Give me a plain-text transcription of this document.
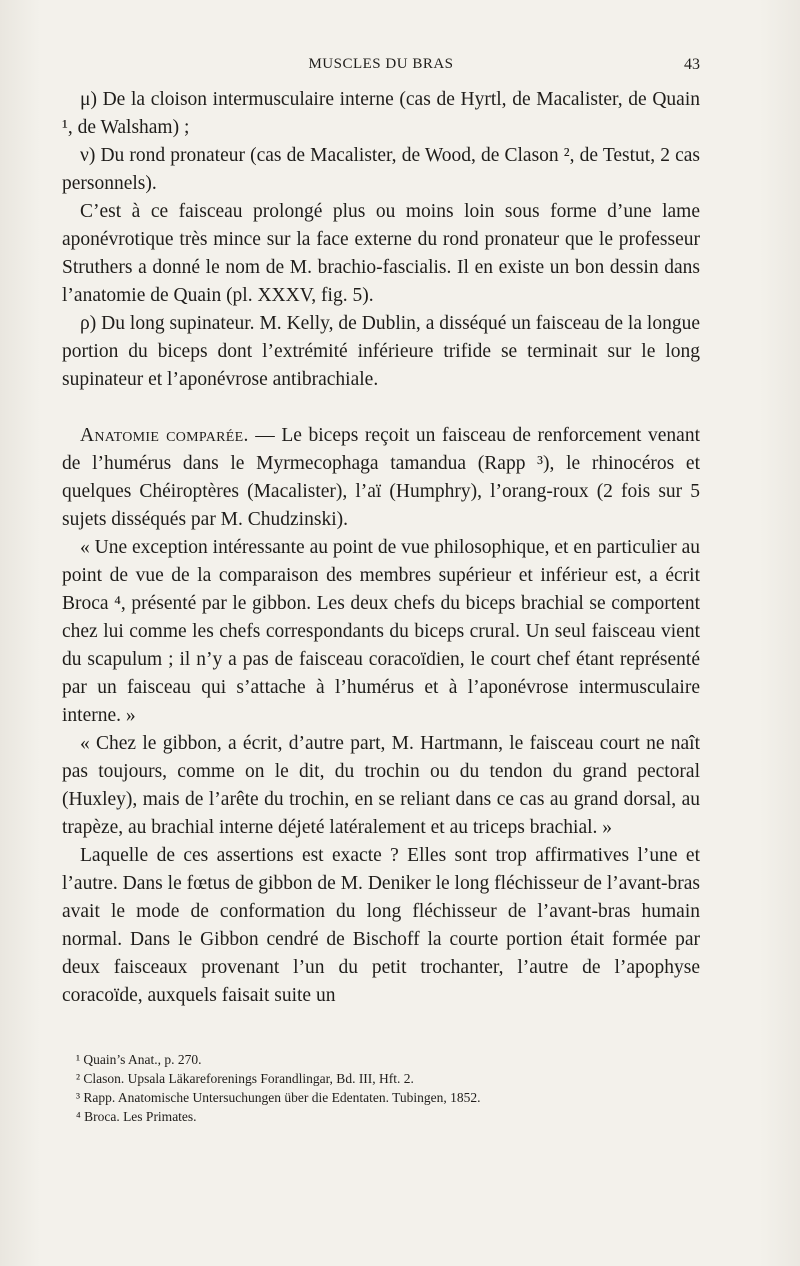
MUSCLES DU BRAS	43

μ) De la cloison intermusculaire interne (cas de Hyrtl, de Macalister, de Quain ¹, de Walsham) ;

ν) Du rond pronateur (cas de Macalister, de Wood, de Clason ², de Testut, 2 cas personnels).

C’est à ce faisceau prolongé plus ou moins loin sous forme d’une lame aponévrotique très mince sur la face externe du rond pronateur que le professeur Struthers a donné le nom de M. brachio-fascialis. Il en existe un bon dessin dans l’anatomie de Quain (pl. XXXV, fig. 5).

ρ) Du long supinateur. M. Kelly, de Dublin, a disséqué un faisceau de la longue portion du biceps dont l’extrémité inférieure trifide se terminait sur le long supinateur et l’aponévrose antibrachiale.

Anatomie comparée. — Le biceps reçoit un faisceau de renforcement venant de l’humérus dans le Myrmecophaga tamandua (Rapp ³), le rhinocéros et quelques Chéiroptères (Macalister), l’aï (Humphry), l’orang-roux (2 fois sur 5 sujets disséqués par M. Chudzinski).

« Une exception intéressante au point de vue philosophique, et en particulier au point de vue de la comparaison des membres supérieur et inférieur est, a écrit Broca ⁴, présenté par le gibbon. Les deux chefs du biceps brachial se comportent chez lui comme les chefs correspondants du biceps crural. Un seul faisceau vient du scapulum ; il n’y a pas de faisceau coracoïdien, le court chef étant représenté par un faisceau qui s’attache à l’humérus et à l’aponévrose intermusculaire interne. »

« Chez le gibbon, a écrit, d’autre part, M. Hartmann, le faisceau court ne naît pas toujours, comme on le dit, du trochin ou du tendon du grand pectoral (Huxley), mais de l’arête du trochin, en se reliant dans ce cas au grand dorsal, au trapèze, au brachial interne déjeté latéralement et au triceps brachial. »

Laquelle de ces assertions est exacte ? Elles sont trop affirmatives l’une et l’autre. Dans le fœtus de gibbon de M. Deniker le long fléchisseur de l’avant-bras avait le mode de conformation du long fléchisseur de l’avant-bras humain normal. Dans le Gibbon cendré de Bischoff la courte portion était formée par deux faisceaux provenant l’un du petit trochanter, l’autre de l’apophyse coracoïde, auxquels faisait suite un

¹ Quain’s Anat., p. 270.

² Clason. Upsala Läkareforenings Forandlingar, Bd. III, Hft. 2.

³ Rapp. Anatomische Untersuchungen über die Edentaten. Tubingen, 1852.

⁴ Broca. Les Primates.
